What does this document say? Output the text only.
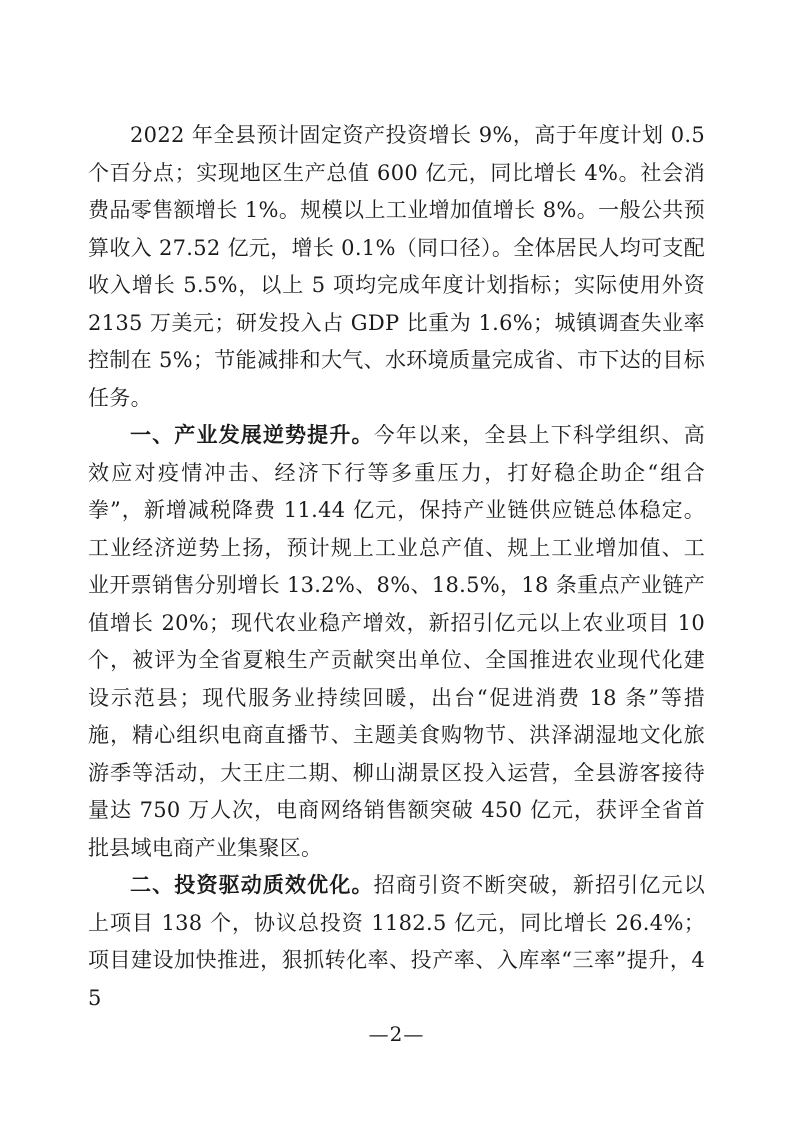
2022 年全县预计固定资产投资增长 9%，高于年度计划 0.5 个百分点；实现地区生产总值 600 亿元，同比增长 4%。社会消费品零售额增长 1%。规模以上工业增加值增长 8%。一般公共预算收入 27.52 亿元，增长 0.1%（同口径）。全体居民人均可支配收入增长 5.5%，以上 5 项均完成年度计划指标；实际使用外资 2135 万美元；研发投入占 GDP 比重为 1.6%；城镇调查失业率控制在 5%；节能减排和大气、水环境质量完成省、市下达的目标任务。

一、产业发展逆势提升。今年以来，全县上下科学组织、高效应对疫情冲击、经济下行等多重压力，打好稳企助企“组合拳”，新增减税降费 11.44 亿元，保持产业链供应链总体稳定。工业经济逆势上扬，预计规上工业总产值、规上工业增加值、工业开票销售分别增长 13.2%、8%、18.5%，18 条重点产业链产值增长 20%；现代农业稳产增效，新招引亿元以上农业项目 10 个，被评为全省夏粮生产贡献突出单位、全国推进农业现代化建设示范县；现代服务业持续回暖，出台“促进消费 18 条”等措施，精心组织电商直播节、主题美食购物节、洪泽湖湿地文化旅游季等活动，大王庄二期、柳山湖景区投入运营，全县游客接待量达 750 万人次，电商网络销售额突破 450 亿元，获评全省首批县域电商产业集聚区。

二、投资驱动质效优化。招商引资不断突破，新招引亿元以上项目 138 个，协议总投资 1182.5 亿元，同比增长 26.4%；项目建设加快推进，狠抓转化率、投产率、入库率“三率”提升，45

—2—
